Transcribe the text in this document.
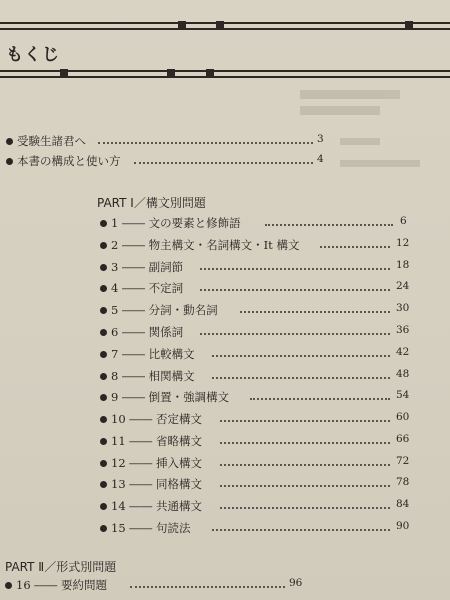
もくじ
受験生諸君へ	3
本書の構成と使い方	4
PART Ⅰ／構文別問題
1 ―― 文の要素と修飾語	6
2 ―― 物主構文・名詞構文・It 構文	12
3 ―― 副詞節	18
4 ―― 不定詞	24
5 ―― 分詞・動名詞	30
6 ―― 関係詞	36
7 ―― 比較構文	42
8 ―― 相関構文	48
9 ―― 倒置・強調構文	54
10 ―― 否定構文	60
11 ―― 省略構文	66
12 ―― 挿入構文	72
13 ―― 同格構文	78
14 ―― 共通構文	84
15 ―― 句読法	90
PART Ⅱ／形式別問題
16 ―― 要約問題	96
